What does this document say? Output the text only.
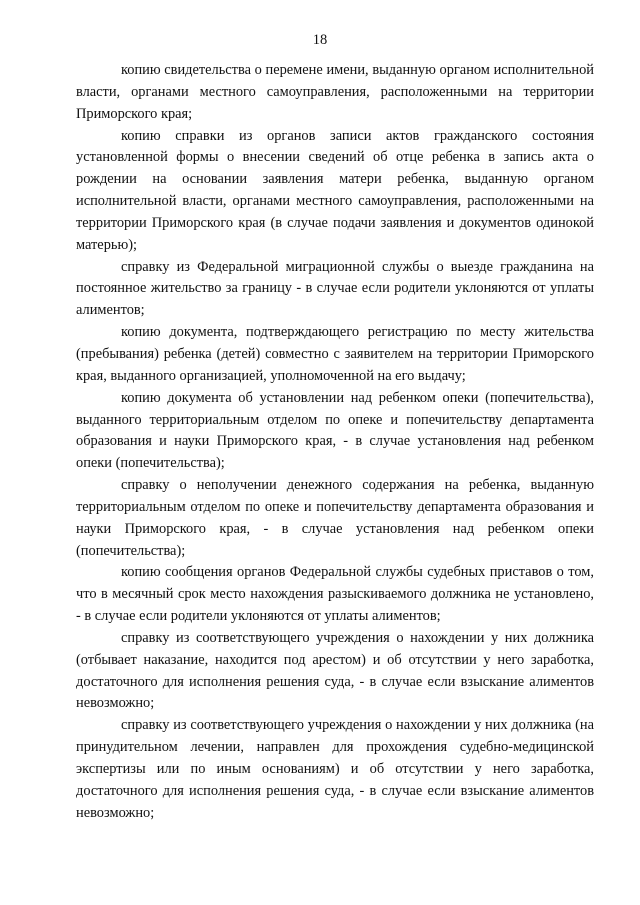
18

копию свидетельства о перемене имени, выданную органом исполнительной власти, органами местного самоуправления, расположенными на территории Приморского края;

копию справки из органов записи актов гражданского состояния установленной формы о внесении сведений об отце ребенка в запись акта о рождении на основании заявления матери ребенка, выданную органом исполнительной власти, органами местного самоуправления, расположенными на территории Приморского края (в случае подачи заявления и документов одинокой матерью);

справку из Федеральной миграционной службы о выезде гражданина на постоянное жительство за границу - в случае если родители уклоняются от уплаты алиментов;

копию документа, подтверждающего регистрацию по месту жительства (пребывания) ребенка (детей) совместно с заявителем на территории Приморского края, выданного организацией, уполномоченной на его выдачу;

копию документа об установлении над ребенком опеки (попечительства), выданного территориальным отделом по опеке и попечительству департамента образования и науки Приморского края, - в случае установления над ребенком опеки (попечительства);

справку о неполучении денежного содержания на ребенка, выданную территориальным отделом по опеке и попечительству департамента образования и науки Приморского края, - в случае установления над ребенком опеки (попечительства);

копию сообщения органов Федеральной службы судебных приставов о том, что в месячный срок место нахождения разыскиваемого должника не установлено, - в случае если родители уклоняются от уплаты алиментов;

справку из соответствующего учреждения о нахождении у них должника (отбывает наказание, находится под арестом) и об отсутствии у него заработка, достаточного для исполнения решения суда, - в случае если взыскание алиментов невозможно;

справку из соответствующего учреждения о нахождении у них должника (на принудительном лечении, направлен для прохождения судебно-медицинской экспертизы или по иным основаниям) и об отсутствии у него заработка, достаточного для исполнения решения суда, - в случае если взыскание алиментов невозможно;
